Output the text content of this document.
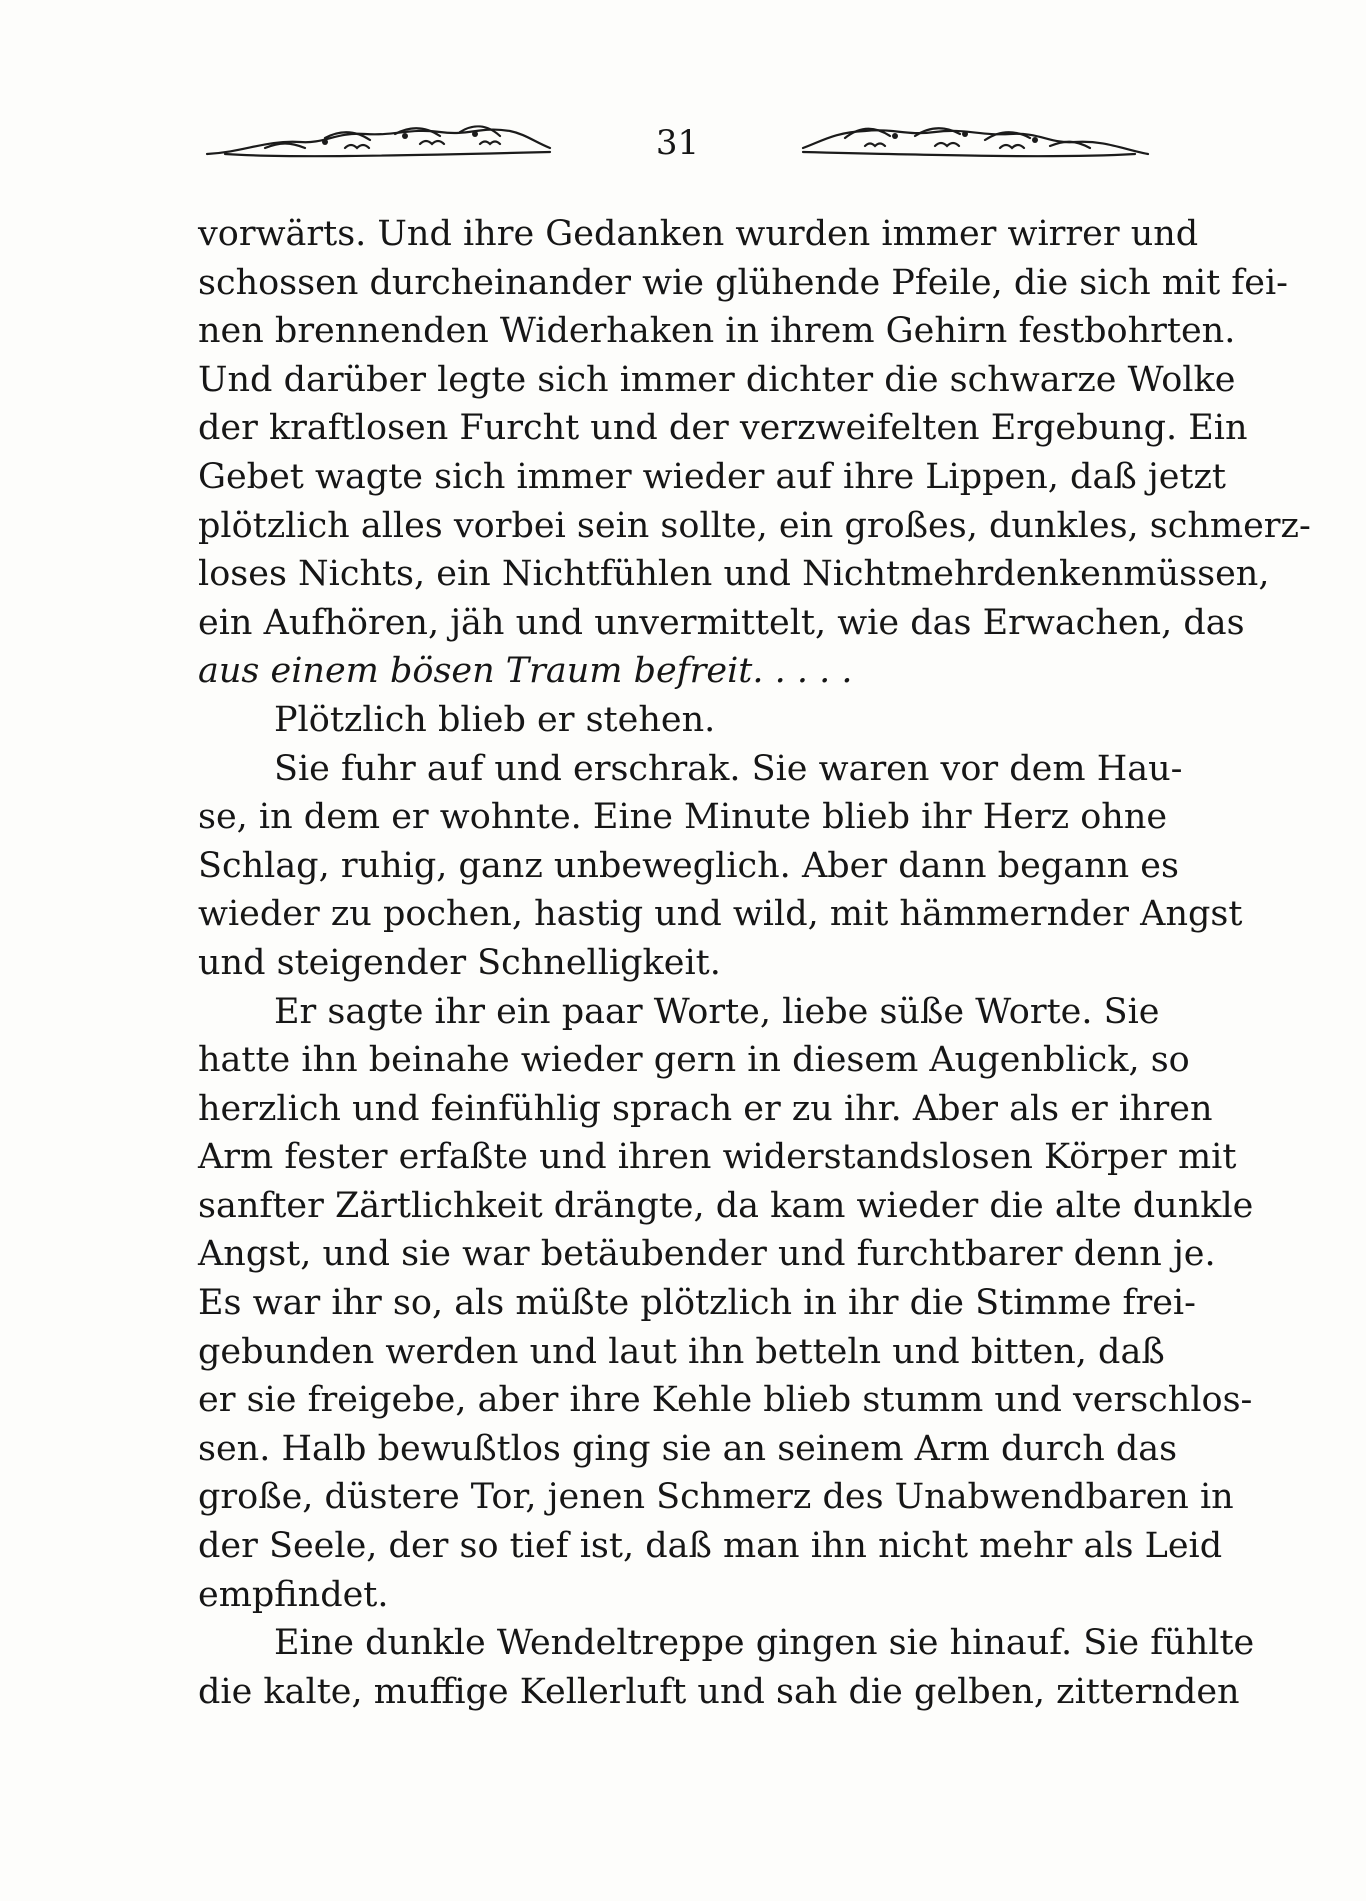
31
vorwärts. Und ihre Gedanken wurden immer wirrer und
schossen durcheinander wie glühende Pfeile, die sich mit fei-
nen brennenden Widerhaken in ihrem Gehirn festbohrten.
Und darüber legte sich immer dichter die schwarze Wolke
der kraftlosen Furcht und der verzweifelten Ergebung. Ein
Gebet wagte sich immer wieder auf ihre Lippen, daß jetzt
plötzlich alles vorbei sein sollte, ein großes, dunkles, schmerz-
loses Nichts, ein Nichtfühlen und Nichtmehrdenkenmüssen,
ein Aufhören, jäh und unvermittelt, wie das Erwachen, das
aus einem bösen Traum befreit. . . . .
Plötzlich blieb er stehen.
Sie fuhr auf und erschrak. Sie waren vor dem Hau-
se, in dem er wohnte. Eine Minute blieb ihr Herz ohne
Schlag, ruhig, ganz unbeweglich. Aber dann begann es
wieder zu pochen, hastig und wild, mit hämmernder Angst
und steigender Schnelligkeit.
Er sagte ihr ein paar Worte, liebe süße Worte. Sie
hatte ihn beinahe wieder gern in diesem Augenblick, so
herzlich und feinfühlig sprach er zu ihr. Aber als er ihren
Arm fester erfaßte und ihren widerstandslosen Körper mit
sanfter Zärtlichkeit drängte, da kam wieder die alte dunkle
Angst, und sie war betäubender und furchtbarer denn je.
Es war ihr so, als müßte plötzlich in ihr die Stimme frei-
gebunden werden und laut ihn betteln und bitten, daß
er sie freigebe, aber ihre Kehle blieb stumm und verschlos-
sen. Halb bewußtlos ging sie an seinem Arm durch das
große, düstere Tor, jenen Schmerz des Unabwendbaren in
der Seele, der so tief ist, daß man ihn nicht mehr als Leid
empfindet.
Eine dunkle Wendeltreppe gingen sie hinauf. Sie fühlte
die kalte, muffige Kellerluft und sah die gelben, zitternden
